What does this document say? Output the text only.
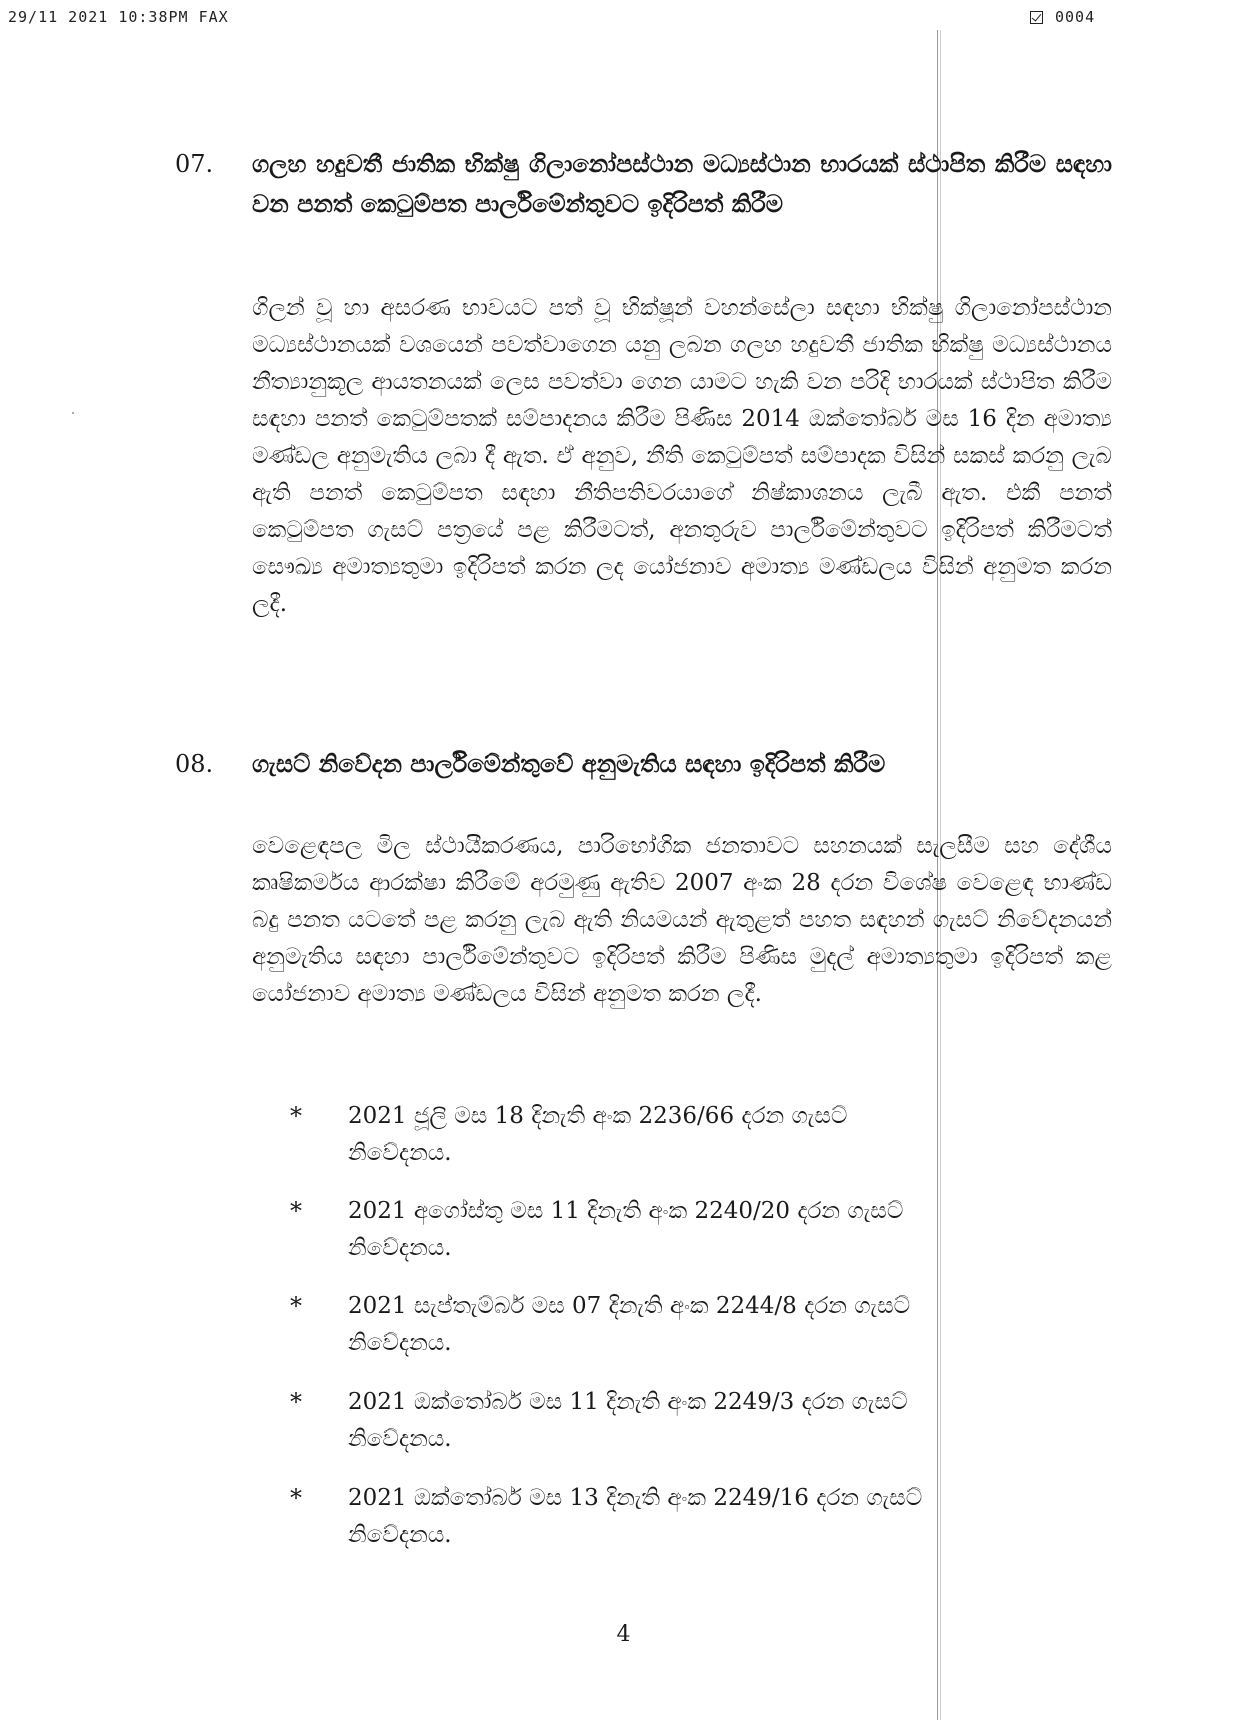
29/11 2021 10:38PM FAX	0004
07. ගලහ හදුවතී ජාතික භික්ෂු ගිලානෝපස්ථාන මධ්‍යස්ථාන භාරයක් ස්ථාපිත කිරීම සඳහා වන පනත් කෙටුම්පත පාර්ලිමේන්තුවට ඉදිරිපත් කිරීම
ගිලන් වූ හා අසරණ භාවයට පත් වූ භික්ෂූන් වහන්සේලා සඳහා භික්ෂු ගිලානෝපස්ථාන මධ්‍යස්ථානයක් වශයෙන් පවත්වාගෙන යනු ලබන ගලහ හදුවතී ජාතික භික්ෂු මධ්‍යස්ථානය නීත්‍යානුකූල ආයතනයක් ලෙස පවත්වා ගෙන යාමට හැකි වන පරිදි භාරයක් ස්ථාපිත කිරීම සඳහා පනත් කෙටුම්පතක් සම්පාදනය කිරීම පිණිස 2014 ඔක්තෝබර් මස 16 දින අමාත්‍ය මණ්ඩල අනුමැතිය ලබා දී ඇත. ඒ අනුව, නීති කෙටුම්පත් සම්පාදක විසින් සකස් කරනු ලැබ ඇති පනත් කෙටුම්පත සඳහා නීතිපතිවරයාගේ නිෂ්කාශනය ලැබී ඇත. එකී පනත් කෙටුම්පත ගැසට් පත්‍රයේ පළ කිරීමටත්, අනතුරුව පාර්ලිමේන්තුවට ඉදිරිපත් කිරීමටත් සෞඛ්‍ය අමාත්‍යතුමා ඉදිරිපත් කරන ලද යෝජනාව අමාත්‍ය මණ්ඩලය විසින් අනුමත කරන ලදී.
08. ගැසට් නිවේදන පාර්ලිමේන්තුවේ අනුමැතිය සඳහා ඉදිරිපත් කිරීම
වෙළෙඳපල මිල ස්ථායීකරණය, පාරිභෝගික ජනතාවට සහනයක් සැලසීම සහ දේශීය කෘෂිකර්මය ආරක්ෂා කිරීමේ අරමුණු ඇතිව 2007 අංක 28 දරන විශේෂ වෙළෙඳ භාණ්ඩ බදු පනත යටතේ පළ කරනු ලැබ ඇති නියමයන් ඇතුළත් පහත සඳහන් ගැසට් නිවේදනයන් අනුමැතිය සඳහා පාර්ලිමේන්තුවට ඉදිරිපත් කිරීම පිණිස මුදල් අමාත්‍යතුමා ඉදිරිපත් කළ යෝජනාව අමාත්‍ය මණ්ඩලය විසින් අනුමත කරන ලදී.
* 2021 ජූලි මස 18 දිනැති අංක 2236/66 දරන ගැසට් නිවේදනය.
* 2021 අගෝස්තු මස 11 දිනැති අංක 2240/20 දරන ගැසට් නිවේදනය.
* 2021 සැප්තැම්බර් මස 07 දිනැති අංක 2244/8 දරන ගැසට් නිවේදනය.
* 2021 ඔක්තෝබර් මස 11 දිනැති අංක 2249/3 දරන ගැසට් නිවේදනය.
* 2021 ඔක්තෝබර් මස 13 දිනැති අංක 2249/16 දරන ගැසට් නිවේදනය.
4
